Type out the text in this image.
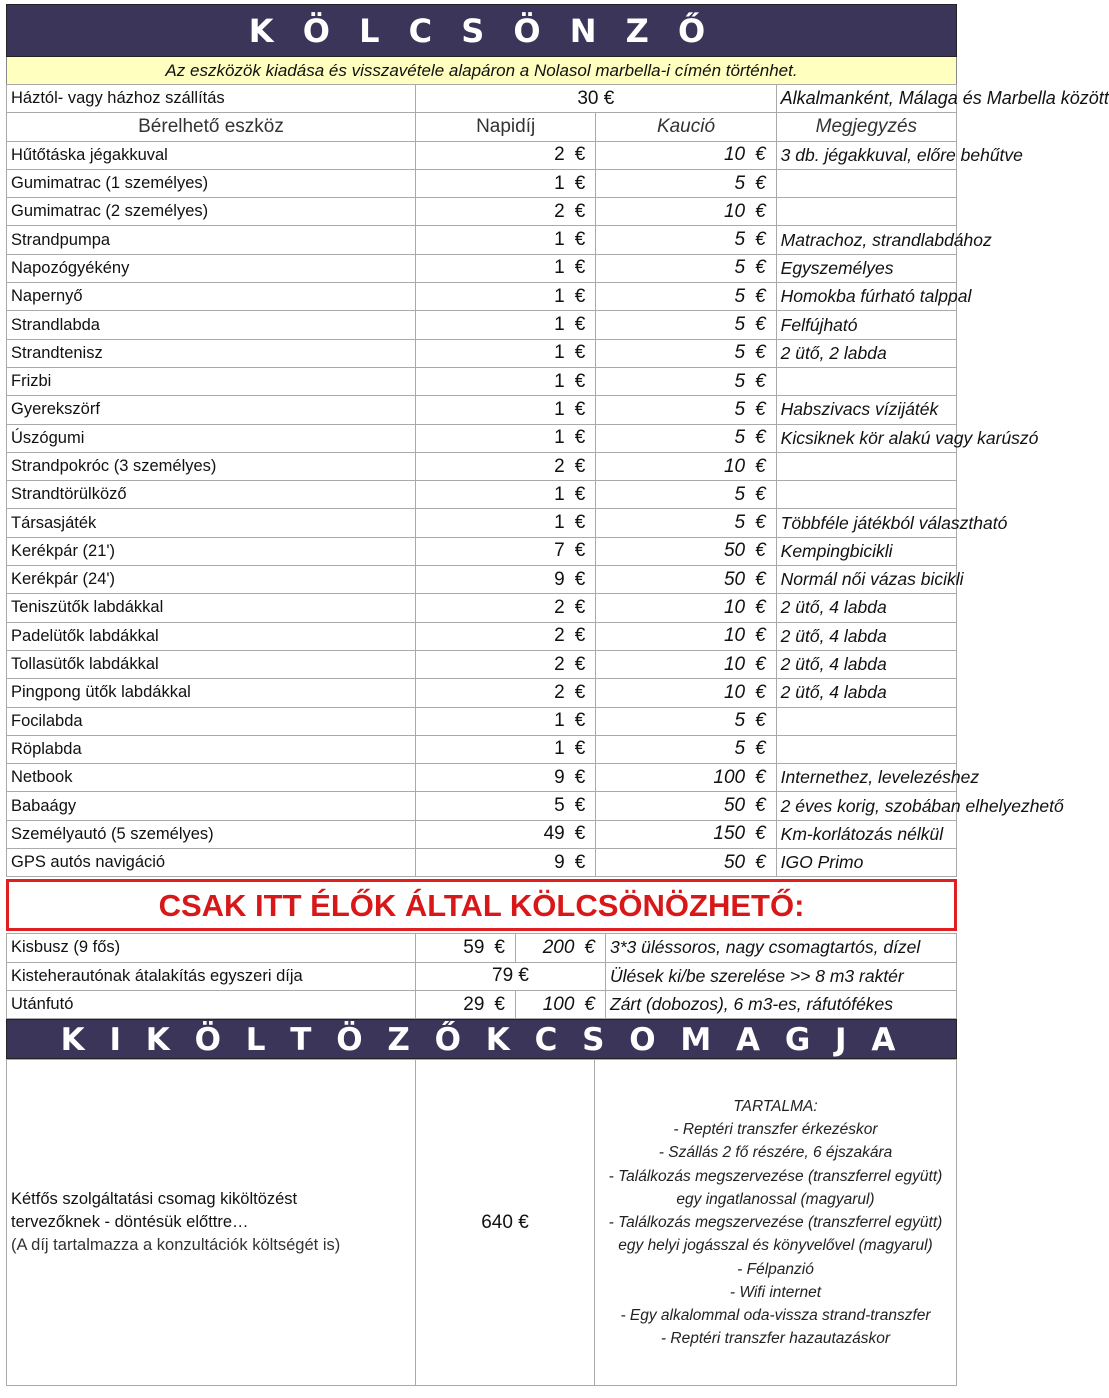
K Ö L C S Ö N Z Ő
Az eszközök kiadása és visszavétele alapáron a Nolasol marbella-i címén történhet.
Háztól- vagy házhoz szállítás	30 €		Alkalmanként, Málaga és Marbella között
Bérelhető eszköz	Napidíj	Kaució	Megjegyzés
Hűtőtáska jégakkuval	2 €	10 €	3 db. jégakkuval, előre behűtve
Gumimatrac (1 személyes)	1 €	5 €	
Gumimatrac (2 személyes)	2 €	10 €	
Strandpumpa	1 €	5 €	Matrachoz, strandlabdához
Napozógyékény	1 €	5 €	Egyszemélyes
Napernyő	1 €	5 €	Homokba fúrható talppal
Strandlabda	1 €	5 €	Felfújható
Strandtenisz	1 €	5 €	2 ütő, 2 labda
Frizbi	1 €	5 €	
Gyerekszörf	1 €	5 €	Habszivacs vízijáték
Úszógumi	1 €	5 €	Kicsiknek kör alakú vagy karúszó
Strandpokróc (3 személyes)	2 €	10 €	
Strandtörülköző	1 €	5 €	
Társasjáték	1 €	5 €	Többféle játékból választható
Kerékpár (21')	7 €	50 €	Kempingbicikli
Kerékpár (24')	9 €	50 €	Normál női vázas bicikli
Teniszütők labdákkal	2 €	10 €	2 ütő, 4 labda
Padelütők labdákkal	2 €	10 €	2 ütő, 4 labda
Tollasütők labdákkal	2 €	10 €	2 ütő, 4 labda
Pingpong ütők labdákkal	2 €	10 €	2 ütő, 4 labda
Focilabda	1 €	5 €	
Röplabda	1 €	5 €	
Netbook	9 €	100 €	Internethez, levelezéshez
Babaágy	5 €	50 €	2 éves korig, szobában elhelyezhető
Személyautó (5 személyes)	49 €	150 €	Km-korlátozás nélkül
GPS autós navigáció	9 €	50 €	IGO Primo
CSAK ITT ÉLŐK ÁLTAL KÖLCSÖNÖZHETŐ:
Kisbusz (9 fős)	59 €	200 €	3*3 üléssoros, nagy csomagtartós, dízel
Kisteherautónak átalakítás egyszeri díja	79 €		Ülések ki/be szerelése >> 8 m3 raktér
Utánfutó	29 €	100 €	Zárt (dobozos), 6 m3-es, ráfutófékes
K I K Ö L T Ö Z Ő K C S O M A G J A
Kétfős szolgáltatási csomag kiköltözést
tervezőknek - döntésük előttre…
(A díj tartalmazza a konzultációk költségét is)
	640 €	
TARTALMA:
- Reptéri transzfer érkezéskor
- Szállás 2 fő részére, 6 éjszakára
- Találkozás megszervezése (transzferrel együtt)
egy ingatlanossal (magyarul)
- Találkozás megszervezése (transzferrel együtt)
egy helyi jogásszal és könyvelővel (magyarul)
- Félpanzió
- Wifi internet
- Egy alkalommal oda-vissza strand-transzfer
- Reptéri transzfer hazautazáskor
